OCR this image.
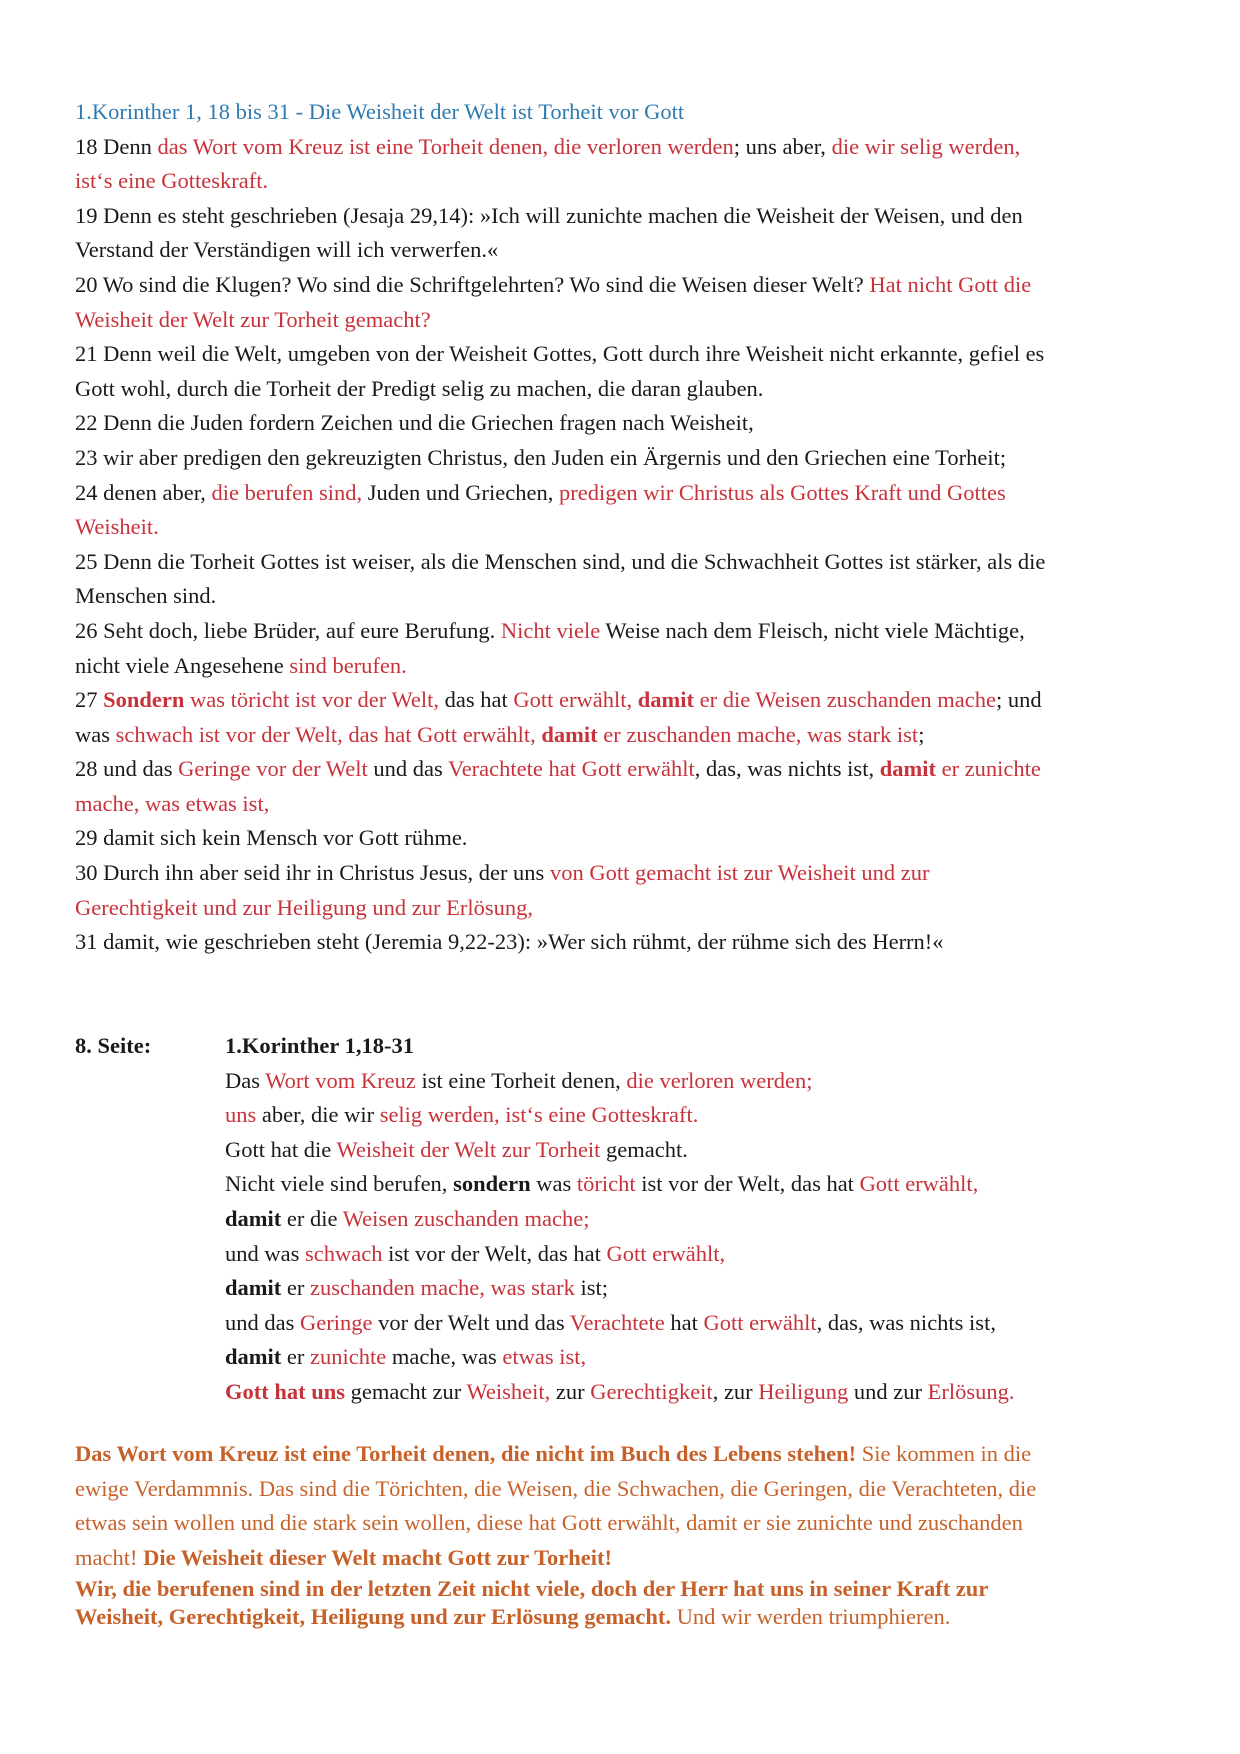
1.Korinther 1, 18 bis 31 - Die Weisheit der Welt ist Torheit vor Gott
18 Denn das Wort vom Kreuz ist eine Torheit denen, die verloren werden; uns aber, die wir selig werden,
ist‘s eine Gotteskraft.
19 Denn es steht geschrieben (Jesaja 29,14): »Ich will zunichte machen die Weisheit der Weisen, und den
Verstand der Verständigen will ich verwerfen.«
20 Wo sind die Klugen? Wo sind die Schriftgelehrten? Wo sind die Weisen dieser Welt? Hat nicht Gott die
Weisheit der Welt zur Torheit gemacht?
21 Denn weil die Welt, umgeben von der Weisheit Gottes, Gott durch ihre Weisheit nicht erkannte, gefiel es
Gott wohl, durch die Torheit der Predigt selig zu machen, die daran glauben.
22 Denn die Juden fordern Zeichen und die Griechen fragen nach Weisheit,
23 wir aber predigen den gekreuzigten Christus, den Juden ein Ärgernis und den Griechen eine Torheit;
24 denen aber, die berufen sind, Juden und Griechen, predigen wir Christus als Gottes Kraft und Gottes
Weisheit.
25 Denn die Torheit Gottes ist weiser, als die Menschen sind, und die Schwachheit Gottes ist stärker, als die
Menschen sind.
26 Seht doch, liebe Brüder, auf eure Berufung. Nicht viele Weise nach dem Fleisch, nicht viele Mächtige,
nicht viele Angesehene sind berufen.
27 Sondern was töricht ist vor der Welt, das hat Gott erwählt, damit er die Weisen zuschanden mache; und
was schwach ist vor der Welt, das hat Gott erwählt, damit er zuschanden mache, was stark ist;
28 und das Geringe vor der Welt und das Verachtete hat Gott erwählt, das, was nichts ist, damit er zunichte
mache, was etwas ist,
29 damit sich kein Mensch vor Gott rühme.
30 Durch ihn aber seid ihr in Christus Jesus, der uns von Gott gemacht ist zur Weisheit und zur
Gerechtigkeit und zur Heiligung und zur Erlösung,
31 damit, wie geschrieben steht (Jeremia 9,22-23): »Wer sich rühmt, der rühme sich des Herrn!«
8. Seite:	1.Korinther 1,18-31
Das Wort vom Kreuz ist eine Torheit denen, die verloren werden;
uns aber, die wir selig werden, ist‘s eine Gotteskraft.
Gott hat die Weisheit der Welt zur Torheit gemacht.
Nicht viele sind berufen, sondern was töricht ist vor der Welt, das hat Gott erwählt,
damit er die Weisen zuschanden mache;
und was schwach ist vor der Welt, das hat Gott erwählt,
damit er zuschanden mache, was stark ist;
und das Geringe vor der Welt und das Verachtete hat Gott erwählt, das, was nichts ist,
damit er zunichte mache, was etwas ist,
Gott hat uns gemacht zur Weisheit, zur Gerechtigkeit, zur Heiligung und zur Erlösung.
Das Wort vom Kreuz ist eine Torheit denen, die nicht im Buch des Lebens stehen! Sie kommen in die
ewige Verdammnis. Das sind die Törichten, die Weisen, die Schwachen, die Geringen, die Verachteten, die
etwas sein wollen und die stark sein wollen, diese hat Gott erwählt, damit er sie zunichte und zuschanden
macht! Die Weisheit dieser Welt macht Gott zur Torheit!
Wir, die berufenen sind in der letzten Zeit nicht viele, doch der Herr hat uns in seiner Kraft zur
Weisheit, Gerechtigkeit, Heiligung und zur Erlösung gemacht. Und wir werden triumphieren.
